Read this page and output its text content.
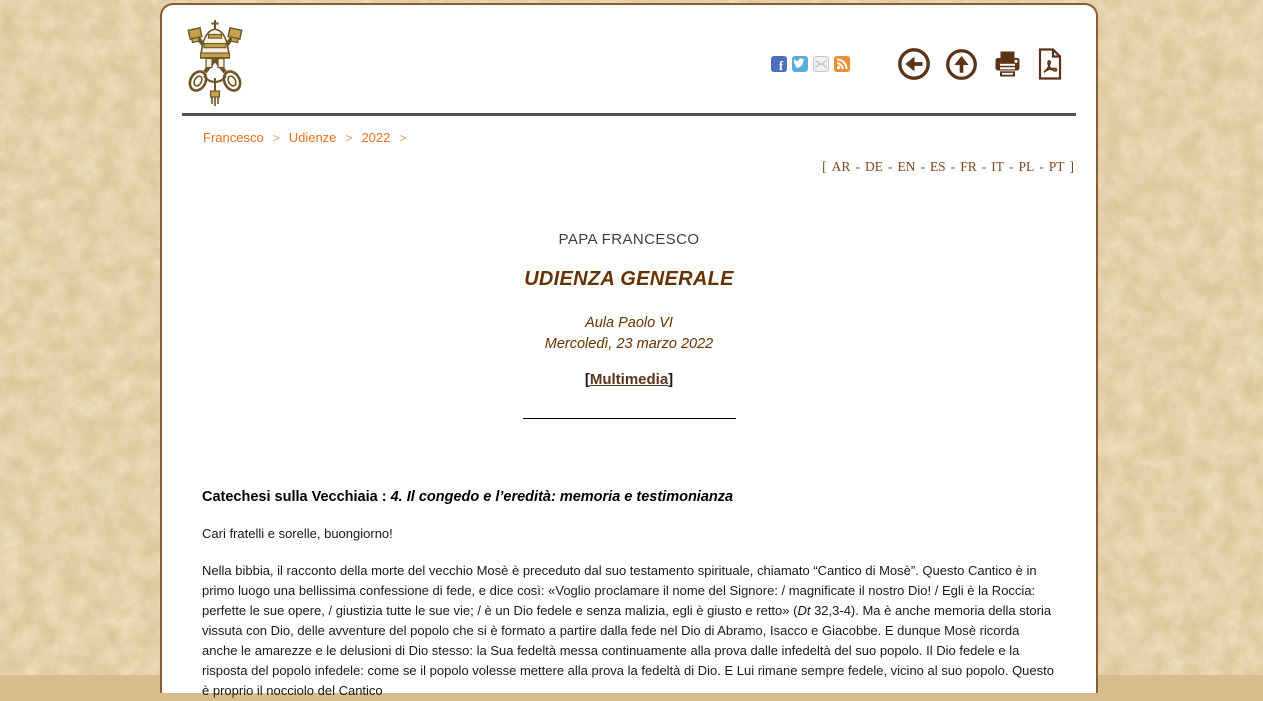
f
Francesco > Udienze > 2022 >
[ AR - DE - EN - ES - FR - IT - PL - PT ]
PAPA FRANCESCO
UDIENZA GENERALE
Aula Paolo VI
Mercoledì, 23 marzo 2022
[Multimedia]
Catechesi sulla Vecchiaia : 4. Il congedo e l’eredità: memoria e testimonianza
Cari fratelli e sorelle, buongiorno!
Nella bibbia, il racconto della morte del vecchio Mosè è preceduto dal suo testamento spirituale, chiamato “Cantico di Mosè”. Questo Cantico è in primo luogo una bellissima confessione di fede, e dice così: «Voglio proclamare il nome del Signore: / magnificate il nostro Dio! / Egli è la Roccia: perfette le sue opere, / giustizia tutte le sue vie; / è un Dio fedele e senza malizia, egli è giusto e retto» (Dt 32,3-4). Ma è anche memoria della storia vissuta con Dio, delle avventure del popolo che si è formato a partire dalla fede nel Dio di Abramo, Isacco e Giacobbe. E dunque Mosè ricorda anche le amarezze e le delusioni di Dio stesso: la Sua fedeltà messa continuamente alla prova dalle infedeltà del suo popolo. Il Dio fedele e la risposta del popolo infedele: come se il popolo volesse mettere alla prova la fedeltà di Dio. E Lui rimane sempre fedele, vicino al suo popolo. Questo è proprio il nocciolo del Cantico
